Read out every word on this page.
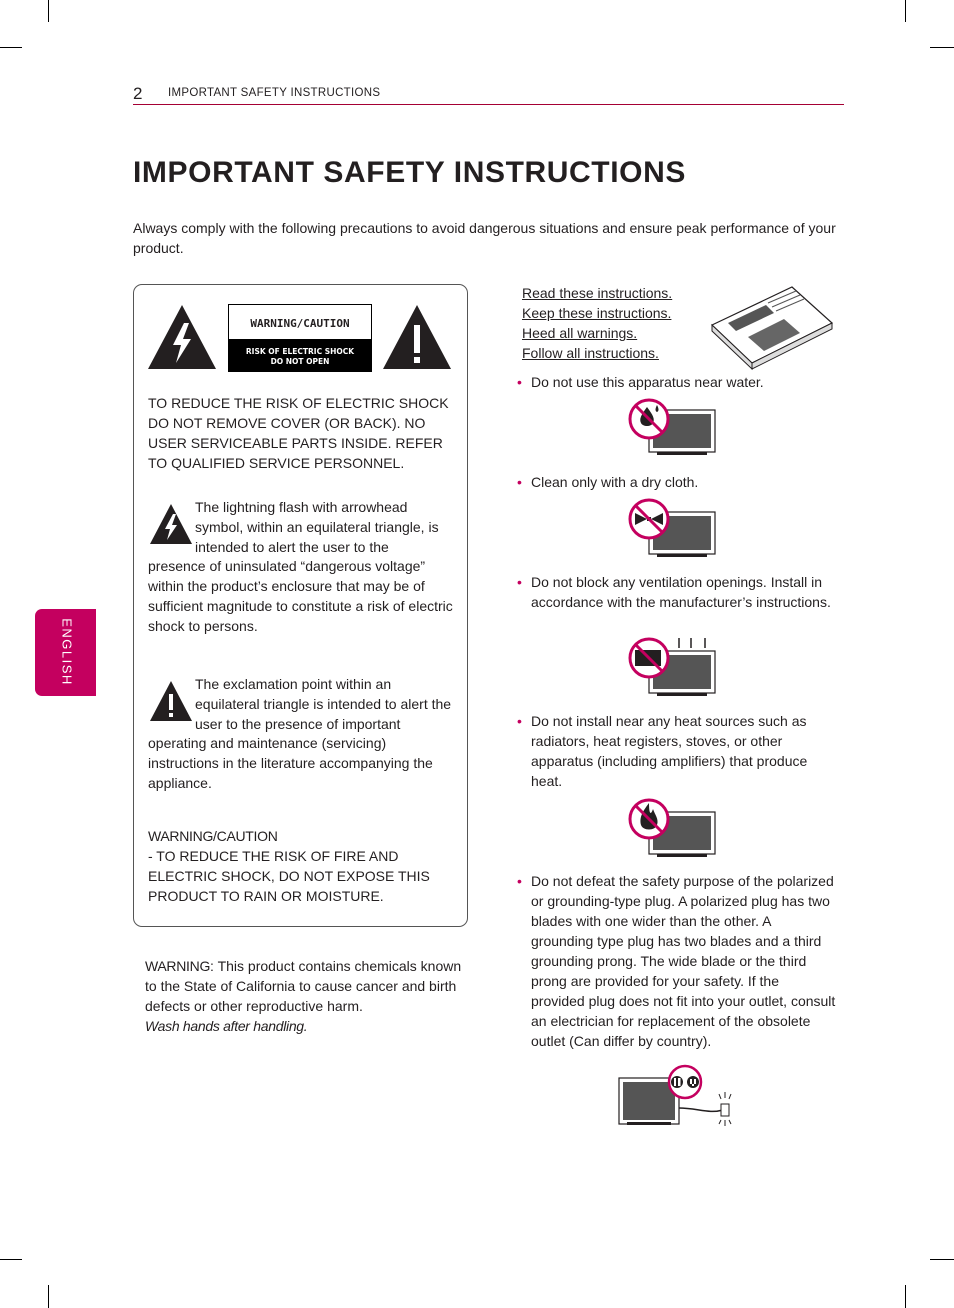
2 IMPORTANT SAFETY INSTRUCTIONS
ENGLISH
IMPORTANT SAFETY INSTRUCTIONS
Always comply with the following precautions to avoid dangerous situations and ensure peak performance of your product.
WARNING/CAUTION
RISK OF ELECTRIC SHOCK
DO NOT OPEN
TO REDUCE THE RISK OF ELECTRIC SHOCK DO NOT REMOVE COVER (OR BACK). NO USER SERVICEABLE PARTS INSIDE. REFER TO QUALIFIED SERVICE PERSONNEL.
The lightning flash with arrowhead symbol, within an equilateral triangle, is intended to alert the user to the
presence of uninsulated “dangerous voltage” within the product’s enclosure that may be of sufficient magnitude to constitute a risk of electric shock to persons.
The exclamation point within an equilateral triangle is intended to alert the user to the presence of important
operating and maintenance (servicing) instructions in the literature accompanying the appliance.
WARNING/CAUTION
- TO REDUCE THE RISK OF FIRE AND ELECTRIC SHOCK, DO NOT EXPOSE THIS PRODUCT TO RAIN OR MOISTURE.
WARNING: This product contains chemicals known to the State of California to cause cancer and birth defects or other reproductive harm.
Wash hands after handling.
Read these instructions.
Keep these instructions.
Heed all warnings.
Follow all instructions.
• Do not use this apparatus near water.
• Clean only with a dry cloth.
• Do not block any ventilation openings. Install in accordance with the manufacturer’s instructions.
• Do not install near any heat sources such as radiators, heat registers, stoves, or other apparatus (including amplifiers) that produce heat.
• Do not defeat the safety purpose of the polarized or grounding-type plug. A polarized plug has two blades with one wider than the other. A grounding type plug has two blades and a third grounding prong. The wide blade or the third prong are provided for your safety. If the provided plug does not fit into your outlet, consult an electrician for replacement of the obsolete outlet (Can differ by country).
